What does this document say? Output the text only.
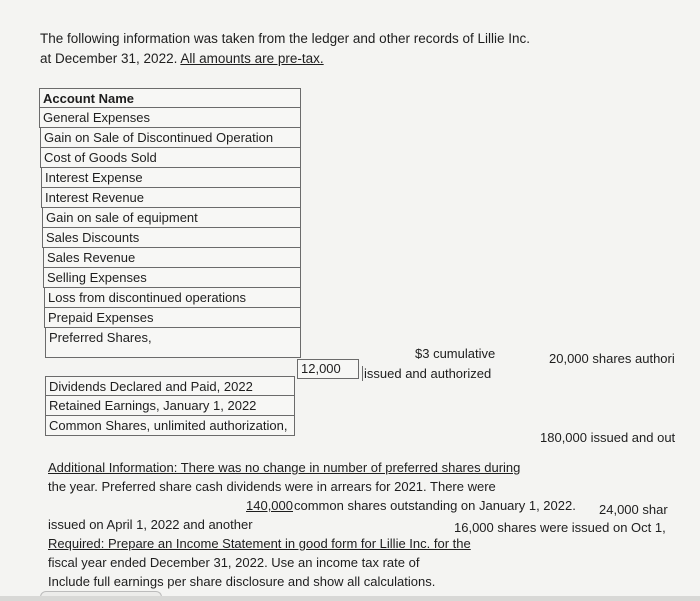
The following information was taken from the ledger and other records of Lillie Inc.
at December 31, 2022. All amounts are pre-tax.
Account Name
General Expenses
Gain on Sale of Discontinued Operation
Cost of Goods Sold
Interest Expense
Interest Revenue
Gain on sale of equipment
Sales Discounts
Sales Revenue
Selling Expenses
Loss from discontinued operations
Prepaid Expenses
Preferred Shares,
Dividends Declared and Paid, 2022
Retained Earnings, January 1, 2022
Common Shares, unlimited authorization,
12,000
$3 cumulative
issued and authorized
20,000 shares authori
180,000 issued and out
Additional Information: There was no change in number of preferred shares during
the year. Preferred share cash dividends were in arrears for 2021. There were
140,000 common shares outstanding on January 1, 2022. 24,000 shar
issued on April 1, 2022 and another	16,000 shares were issued on Oct 1,
Required: Prepare an Income Statement in good form for Lillie Inc. for the
fiscal year ended December 31, 2022. Use an income tax rate of
Include full earnings per share disclosure and show all calculations.
